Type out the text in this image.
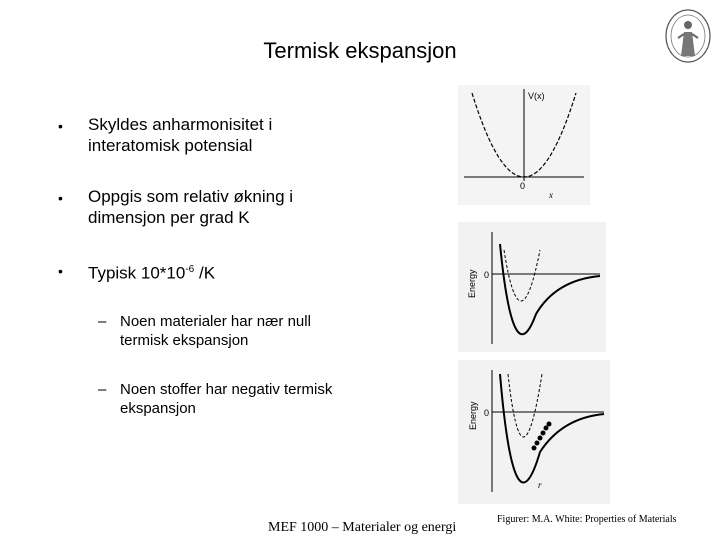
Termisk ekspansjon
• Skyldes anharmonisitet i
interatomisk potensial
• Oppgis som relativ økning i
dimensjon per grad K
• Typisk $10*10^{-6}$ /K
– Noen materialer har nær null
termisk ekspansjon
– Noen stoffer har negativ termisk
ekspansjon
V(x)
0
x
Energy 0
Energy 0
r
MEF 1000 – Materialer og energi
Figurer: M.A. White: Properties of Materials
